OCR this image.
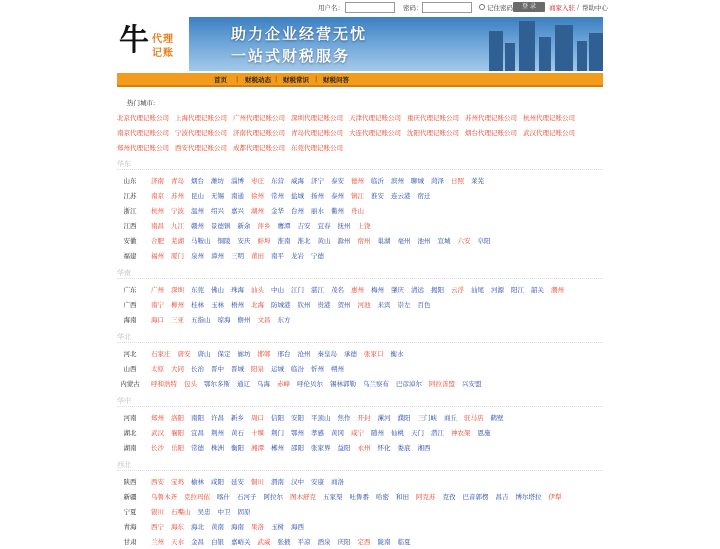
用户名：	密码：	记住密码	登 录	商家入驻 / 帮助中心
牛 代理
记账
助力企业经营无忧
一站式财税服务
首页 | 财税动态 | 财税常识 | 财税问答
热门城市:
北京代理记账公司 上海代理记账公司 广州代理记账公司 深圳代理记账公司 天津代理记账公司 重庆代理记账公司 苏州代理记账公司 杭州代理记账公司
南京代理记账公司 宁波代理记账公司 济南代理记账公司 青岛代理记账公司 大连代理记账公司 沈阳代理记账公司 烟台代理记账公司 武汉代理记账公司
郑州代理记账公司 西安代理记账公司 成都代理记账公司 东莞代理记账公司
华东
山东	济南 青岛 烟台 潍坊 淄博 枣庄 东营 威海 济宁 泰安 德州 临沂 滨州 聊城 菏泽 日照 莱芜
江苏	南京 苏州 昆山 无锡 南通 徐州 常州 盐城 扬州 泰州 镇江 淮安 连云港 宿迁
浙江	杭州 宁波 温州 绍兴 嘉兴 湖州 金华 台州 丽水 衢州 舟山
江西	南昌 九江 赣州 景德镇 新余 萍乡 鹰潭 吉安 宜春 抚州 上饶
安徽	合肥 芜湖 马鞍山 铜陵 安庆 蚌埠 淮南 淮北 黄山 滁州 宿州 巢湖 亳州 池州 宣城 六安 阜阳
福建	福州 厦门 泉州 漳州 三明 莆田 南平 龙岩 宁德
华南
广东	广州 深圳 东莞 佛山 珠海 汕头 中山 江门 湛江 茂名 惠州 梅州 肇庆 清远 揭阳 云浮 汕尾 河源 阳江 韶关 潮州
广西	南宁 柳州 桂林 玉林 梧州 北海 防城港 钦州 贵港 贺州 河池 来宾 崇左 百色
海南	海口 三亚 五指山 琼海 儋州 文昌 东方
华北
河北	石家庄 唐安 唐山 保定 廊坊 邯郸 邢台 沧州 秦皇岛 承德 张家口 衡水
山西	太原 大同 长治 晋中 晋城 阳泉 运城 临汾 忻州 朔州
内蒙古	呼和浩特 包头 鄂尔多斯 通辽 乌海 赤峰 呼伦贝尔 锡林郭勒 乌兰察布 巴彦淖尔 阿拉善盟 兴安盟
华中
河南	郑州 洛阳 南阳 许昌 新乡 周口 信阳 安阳 平顶山 焦作 开封 漯河 濮阳 三门峡 商丘 驻马店 鹤壁
湖北	武汉 襄阳 宜昌 荆州 黄石 十堰 荆门 鄂州 孝感 黄冈 咸宁 随州 仙桃 天门 潜江 神农架 恩施
湖南	长沙 岳阳 常德 株洲 衡阳 湘潭 郴州 邵阳 张家界 益阳 永州 怀化 娄底 湘西
西北
陕西	西安 宝鸡 榆林 咸阳 延安 铜川 渭南 汉中 安康 商洛
新疆	乌鲁木齐 克拉玛依 喀什 石河子 阿拉尔 图木舒克 五家渠 吐鲁番 哈密 和田 阿克苏 克孜 巴音郭楞 昌吉 博尔塔拉 伊犁
宁夏	银川 石嘴山 吴忠 中卫 固原
青海	西宁 海东 海北 黄南 海南 果洛 玉树 海西
甘肃	兰州 天水 金昌 白银 嘉峪关 武威 张掖 平凉 酒泉 庆阳 定西 陇南 临夏
